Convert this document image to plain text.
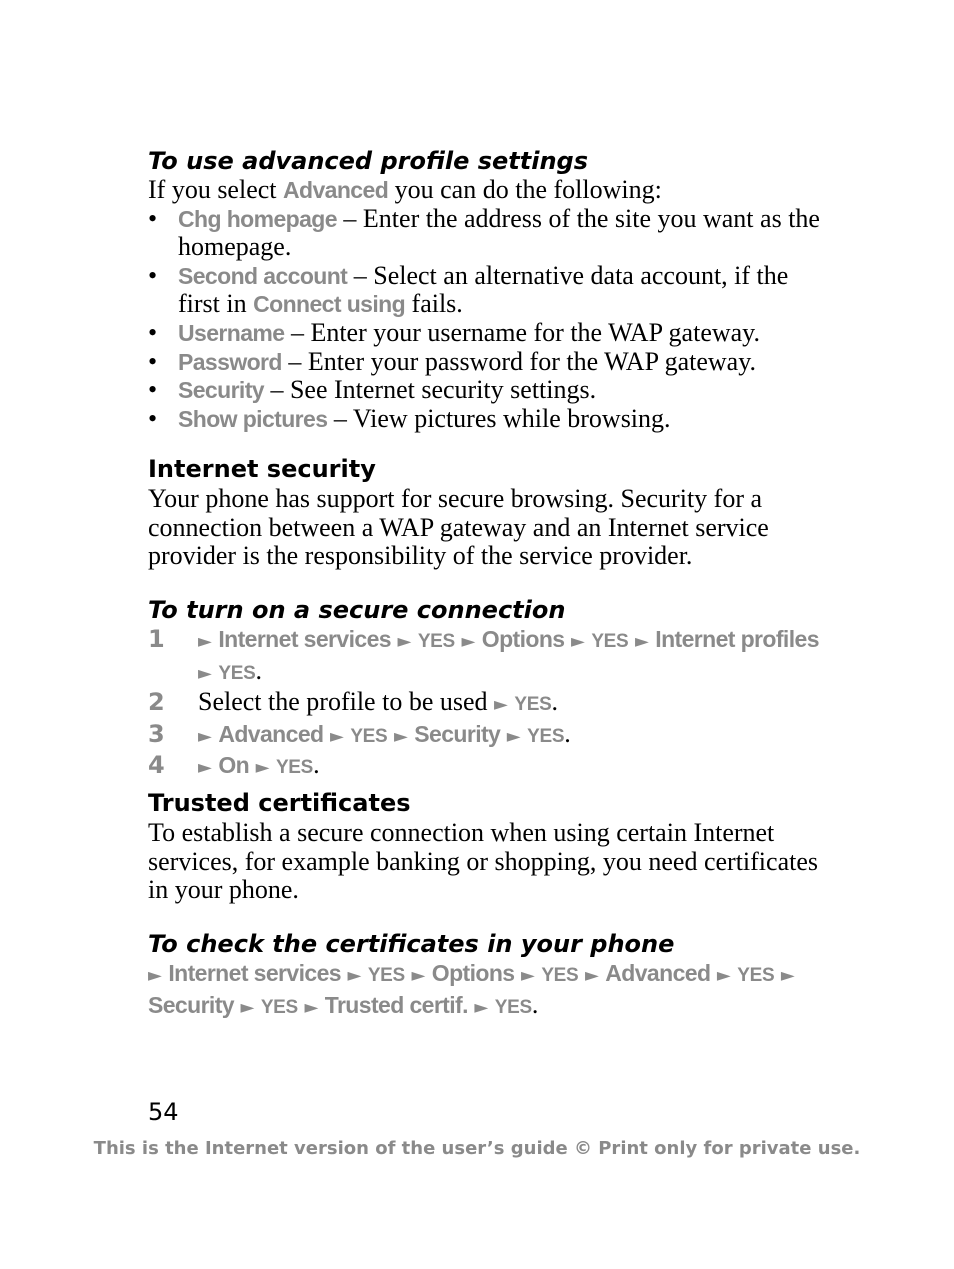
To use advanced profile settings

If you select Advanced you can do the following:

• Chg homepage – Enter the address of the site you want as the homepage.
• Second account – Select an alternative data account, if the first in Connect using fails.
• Username – Enter your username for the WAP gateway.
• Password – Enter your password for the WAP gateway.
• Security – See Internet security settings.
• Show pictures – View pictures while browsing.
Internet security

Your phone has support for secure browsing. Security for a connection between a WAP gateway and an Internet service provider is the responsibility of the service provider.

To turn on a secure connection
1 ► Internet services ► YES ► Options ► YES ► Internet profiles ► YES.
2 Select the profile to be used ► YES.
3 ► Advanced ► YES ► Security ► YES.
4 ► On ► YES.
Trusted certificates

To establish a secure connection when using certain Internet services, for example banking or shopping, you need certificates in your phone.

To check the certificates in your phone

► Internet services ► YES ► Options ► YES ► Advanced ► YES ► Security ► YES ► Trusted certif. ► YES.

54
This is the Internet version of the user’s guide © Print only for private use.
